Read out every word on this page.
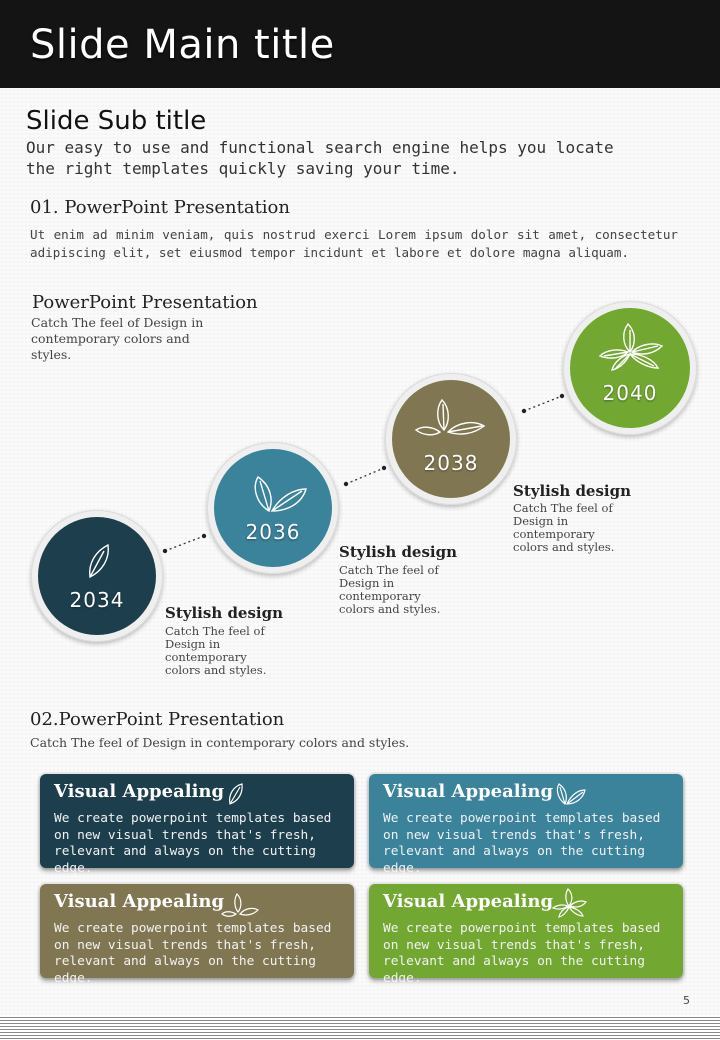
Slide Main title
Slide Sub title
Our easy to use and functional search engine helps you locate the right templates quickly saving your time.
01. PowerPoint Presentation
Ut enim ad minim veniam, quis nostrud exerci Lorem ipsum dolor sit amet, consectetur adipiscing elit, set eiusmod tempor incidunt et labore et dolore magna aliquam.
PowerPoint Presentation
Catch The feel of Design in contemporary colors and styles.
2034
2036
2038
2040
Stylish design
Catch The feel of Design in contemporary colors and styles.
Stylish design
Catch The feel of Design in contemporary colors and styles.
Stylish design
Catch The feel of Design in contemporary colors and styles.
02.PowerPoint Presentation
Catch The feel of Design in contemporary colors and styles.
Visual Appealing
We create powerpoint templates based on new visual trends that's fresh, relevant and always on the cutting edge.
Visual Appealing
We create powerpoint templates based on new visual trends that's fresh, relevant and always on the cutting edge.
Visual Appealing
We create powerpoint templates based on new visual trends that's fresh, relevant and always on the cutting edge.
Visual Appealing
We create powerpoint templates based on new visual trends that's fresh, relevant and always on the cutting edge.
5
